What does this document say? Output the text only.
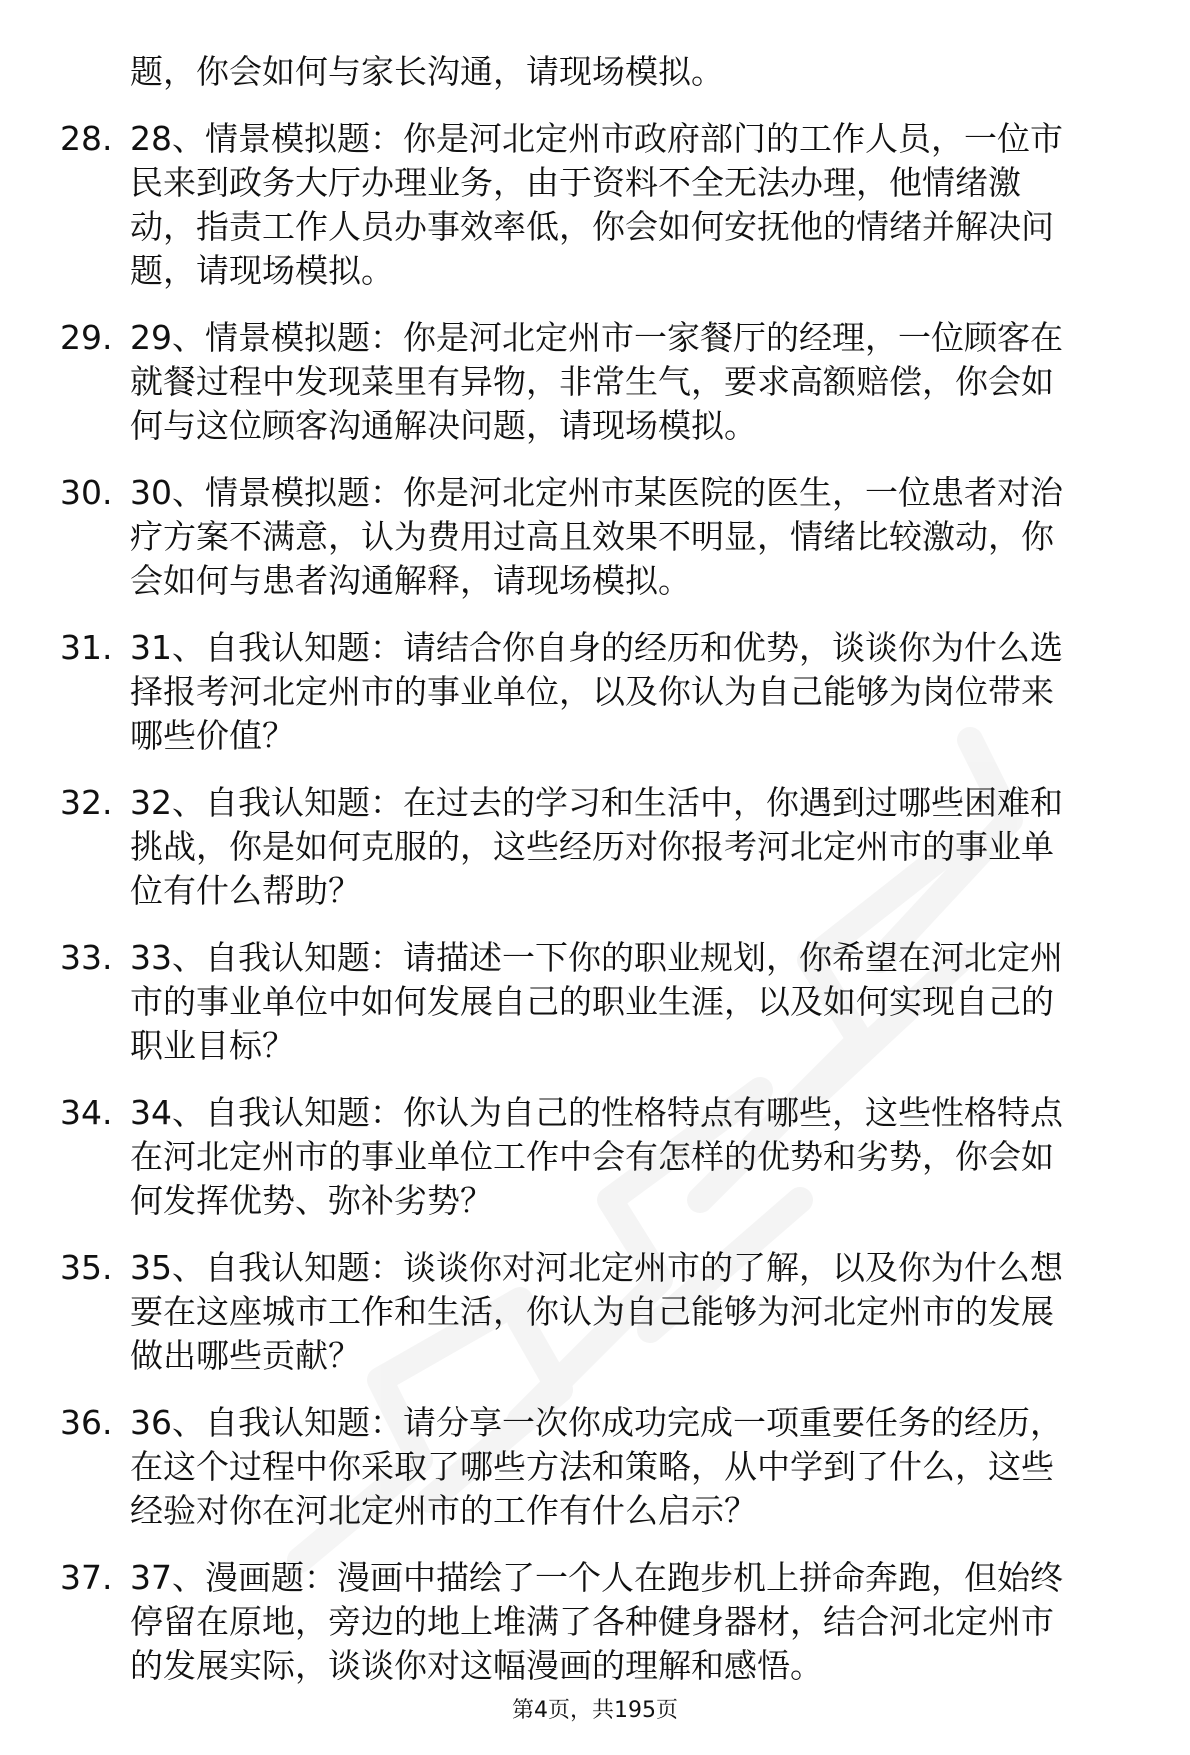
题，你会如何与家长沟通，请现场模拟。
28. 28、情景模拟题：你是河北定州市政府部门的工作人员，一位市
民来到政务大厅办理业务，由于资料不全无法办理，他情绪激
动，指责工作人员办事效率低，你会如何安抚他的情绪并解决问
题，请现场模拟。
29. 29、情景模拟题：你是河北定州市一家餐厅的经理，一位顾客在
就餐过程中发现菜里有异物，非常生气，要求高额赔偿，你会如
何与这位顾客沟通解决问题，请现场模拟。
30. 30、情景模拟题：你是河北定州市某医院的医生，一位患者对治
疗方案不满意，认为费用过高且效果不明显，情绪比较激动，你
会如何与患者沟通解释，请现场模拟。
31. 31、自我认知题：请结合你自身的经历和优势，谈谈你为什么选
择报考河北定州市的事业单位，以及你认为自己能够为岗位带来
哪些价值？
32. 32、自我认知题：在过去的学习和生活中，你遇到过哪些困难和
挑战，你是如何克服的，这些经历对你报考河北定州市的事业单
位有什么帮助？
33. 33、自我认知题：请描述一下你的职业规划，你希望在河北定州
市的事业单位中如何发展自己的职业生涯，以及如何实现自己的
职业目标？
34. 34、自我认知题：你认为自己的性格特点有哪些，这些性格特点
在河北定州市的事业单位工作中会有怎样的优势和劣势，你会如
何发挥优势、弥补劣势？
35. 35、自我认知题：谈谈你对河北定州市的了解，以及你为什么想
要在这座城市工作和生活，你认为自己能够为河北定州市的发展
做出哪些贡献？
36. 36、自我认知题：请分享一次你成功完成一项重要任务的经历，
在这个过程中你采取了哪些方法和策略，从中学到了什么，这些
经验对你在河北定州市的工作有什么启示？
37. 37、漫画题：漫画中描绘了一个人在跑步机上拼命奔跑，但始终
停留在原地，旁边的地上堆满了各种健身器材，结合河北定州市
的发展实际，谈谈你对这幅漫画的理解和感悟。
第4页，共195页
